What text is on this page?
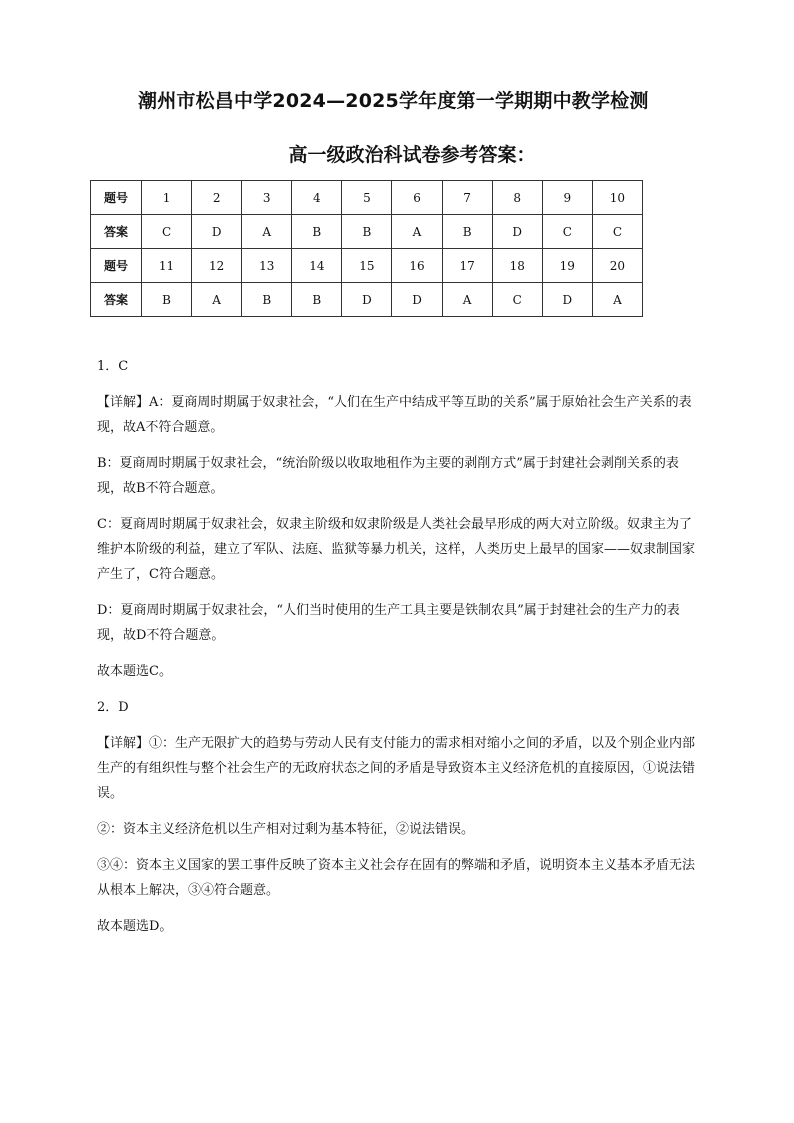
潮州市松昌中学2024—2025学年度第一学期期中教学检测
高一级政治科试卷参考答案：
题号	1	2	3	4	5	6	7	8	9	10
答案	C	D	A	B	B	A	B	D	C	C
题号	11	12	13	14	15	16	17	18	19	20
答案	B	A	B	B	D	D	A	C	D	A

1．C

【详解】A：夏商周时期属于奴隶社会，“人们在生产中结成平等互助的关系”属于原始社会生产关系的表现，故A不符合题意。

B：夏商周时期属于奴隶社会，“统治阶级以收取地租作为主要的剥削方式”属于封建社会剥削关系的表现，故B不符合题意。

C：夏商周时期属于奴隶社会，奴隶主阶级和奴隶阶级是人类社会最早形成的两大对立阶级。奴隶主为了维护本阶级的利益，建立了军队、法庭、监狱等暴力机关，这样，人类历史上最早的国家——奴隶制国家产生了，C符合题意。

D：夏商周时期属于奴隶社会，“人们当时使用的生产工具主要是铁制农具”属于封建社会的生产力的表现，故D不符合题意。

故本题选C。

2．D

【详解】①：生产无限扩大的趋势与劳动人民有支付能力的需求相对缩小之间的矛盾，以及个别企业内部生产的有组织性与整个社会生产的无政府状态之间的矛盾是导致资本主义经济危机的直接原因，①说法错误。

②：资本主义经济危机以生产相对过剩为基本特征，②说法错误。

③④：资本主义国家的罢工事件反映了资本主义社会存在固有的弊端和矛盾，说明资本主义基本矛盾无法从根本上解决，③④符合题意。

故本题选D。
